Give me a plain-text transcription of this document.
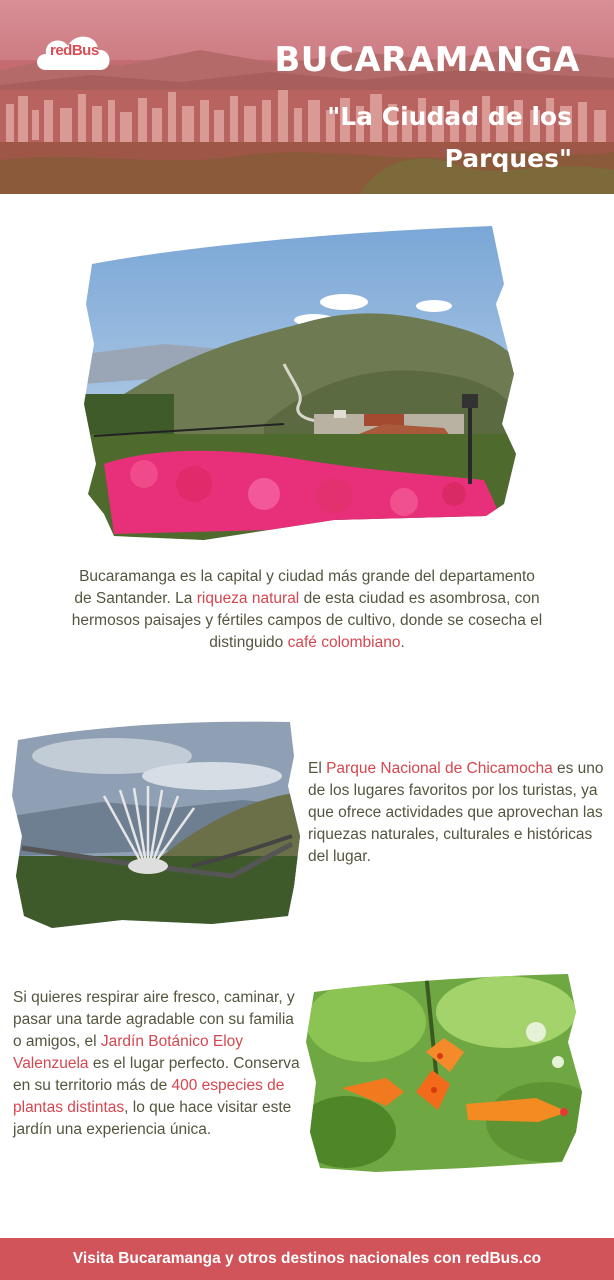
redBus	BUCARAMANGA
"La Ciudad de los Parques"
Bucaramanga es la capital y ciudad más grande del departamento de Santander. La riqueza natural de esta ciudad es asombrosa, con hermosos paisajes y fértiles campos de cultivo, donde se cosecha el distinguido café colombiano.
El Parque Nacional de Chicamocha es uno de los lugares favoritos por los turistas, ya que ofrece actividades que aprovechan las riquezas naturales, culturales e históricas del lugar.
Si quieres respirar aire fresco, caminar, y pasar una tarde agradable con su familia o amigos, el Jardín Botánico Eloy Valenzuela es el lugar perfecto. Conserva en su territorio más de 400 especies de plantas distintas, lo que hace visitar este jardín una experiencia única.
Visita Bucaramanga y otros destinos nacionales con redBus.co
